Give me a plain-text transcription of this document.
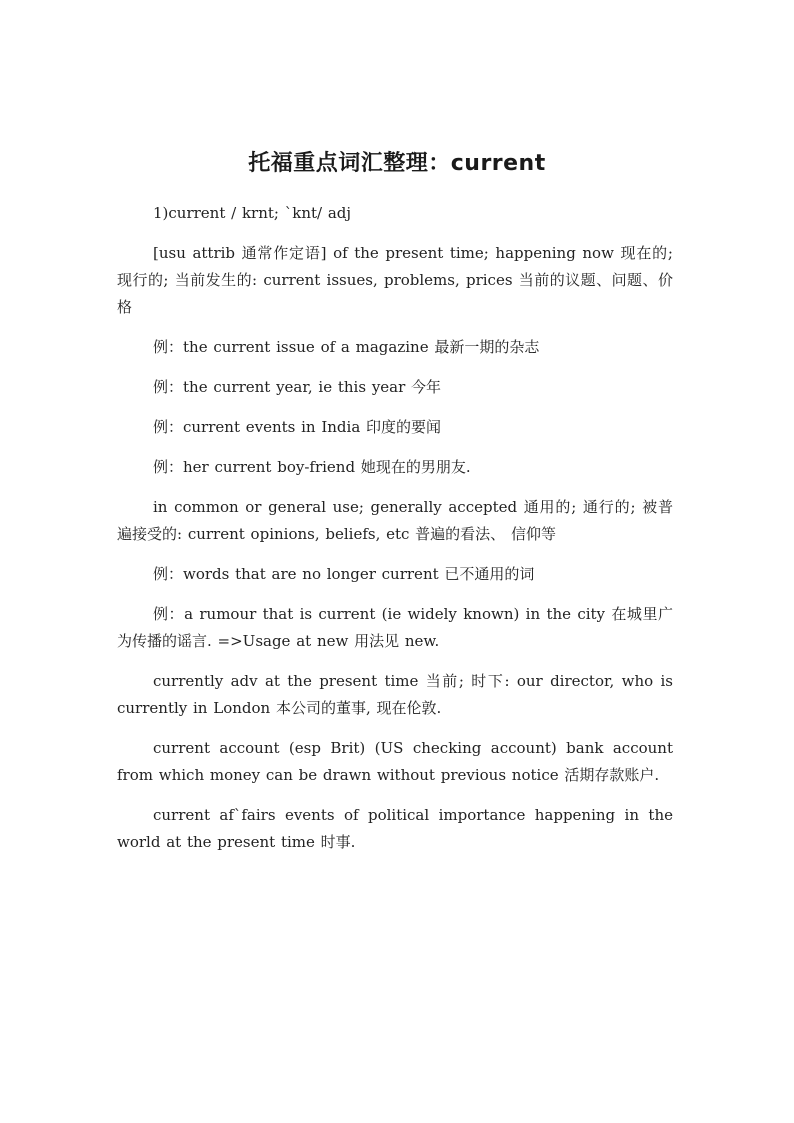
托福重点词汇整理：current

1)current / krnt; `knt/ adj

[usu attrib 通常作定语] of the present time; happening now 现在的; 现行的; 当前发生的: current issues, problems, prices 当前的议题、问题、价格

例：the current issue of a magazine 最新一期的杂志

例：the current year, ie this year 今年

例：current events in India 印度的要闻

例：her current boy-friend 她现在的男朋友.

in common or general use; generally accepted 通用的; 通行的; 被普遍接受的: current opinions, beliefs, etc 普遍的看法、 信仰等

例：words that are no longer current 已不通用的词

例：a rumour that is current (ie widely known) in the city 在城里广为传播的谣言. =>Usage at new 用法见 new.

currently adv at the present time 当前; 时下: our director, who is currently in London 本公司的董事, 现在伦敦.

current account (esp Brit) (US checking account) bank account from which money can be drawn without previous notice 活期存款账户.

current af`fairs events of political importance happening in the world at the present time 时事.
